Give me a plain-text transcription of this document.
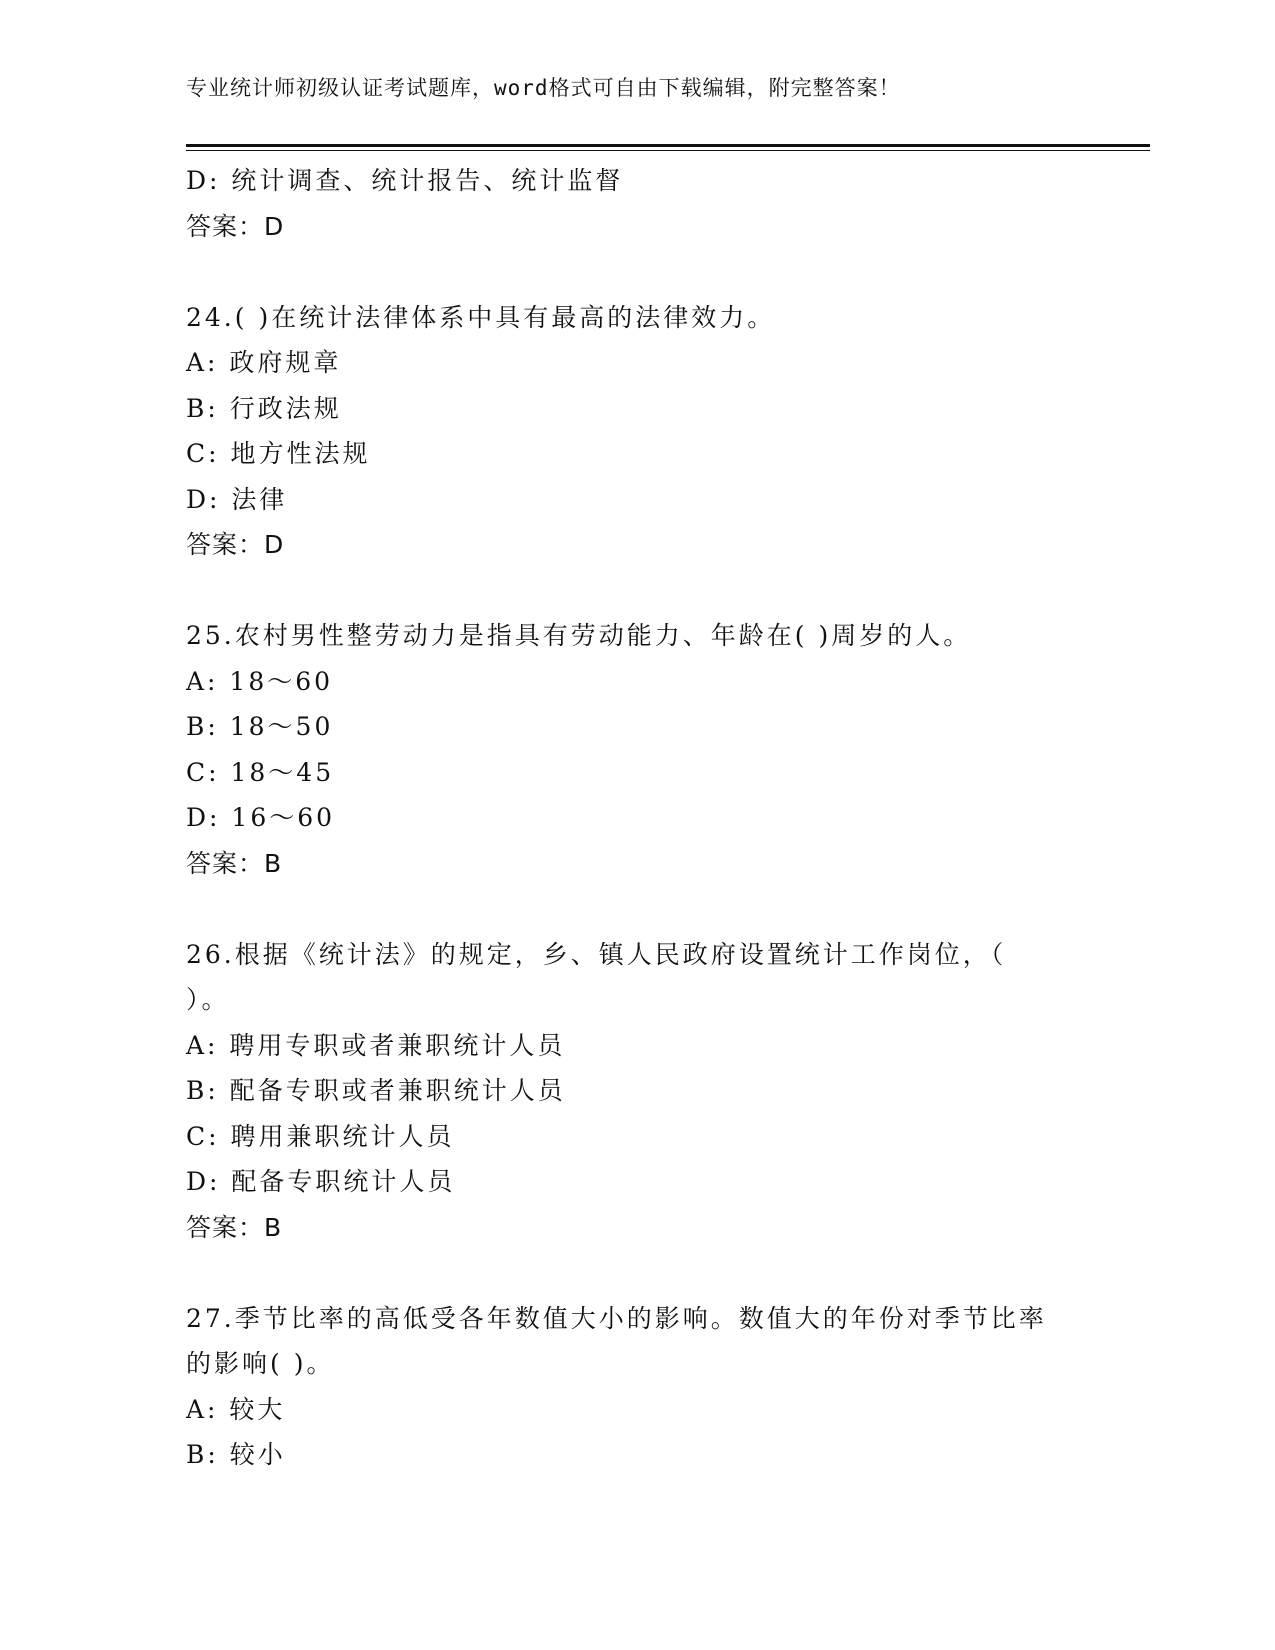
专业统计师初级认证考试题库，word格式可自由下载编辑，附完整答案！
D: 统计调查、统计报告、统计监督
答案：D
24.( )在统计法律体系中具有最高的法律效力。
A: 政府规章
B: 行政法规
C: 地方性法规
D: 法律
答案：D
25.农村男性整劳动力是指具有劳动能力、年龄在( )周岁的人。
A: 18～60
B: 18～50
C: 18～45
D: 16～60
答案：B
26.根据《统计法》的规定，乡、镇人民政府设置统计工作岗位，（
）。
A: 聘用专职或者兼职统计人员
B: 配备专职或者兼职统计人员
C: 聘用兼职统计人员
D: 配备专职统计人员
答案：B
27.季节比率的高低受各年数值大小的影响。数值大的年份对季节比率
的影响( )。
A: 较大
B: 较小
